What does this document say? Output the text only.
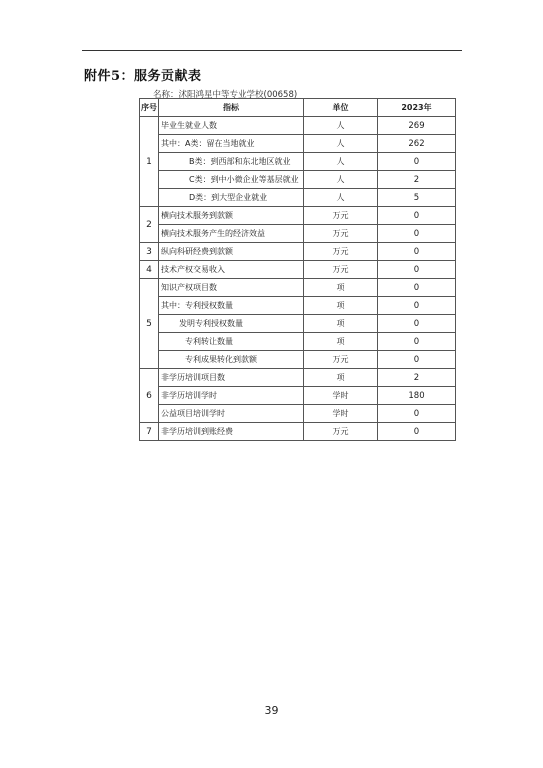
附件5：服务贡献表
名称：沭阳鸿星中等专业学校(00658)
序号	指标	单位	2023年
1	毕业生就业人数	人	269
	其中：A类：留在当地就业	人	262
	B类：到西部和东北地区就业	人	0
	C类：到中小微企业等基层就业	人	2
	D类：到大型企业就业	人	5
2	横向技术服务到款额	万元	0
	横向技术服务产生的经济效益	万元	0
3	纵向科研经费到款额	万元	0
4	技术产权交易收入	万元	0
5	知识产权项目数	项	0
	其中：专利授权数量	项	0
	发明专利授权数量	项	0
	专利转让数量	项	0
	专利成果转化到款额	万元	0
6	非学历培训项目数	项	2
	非学历培训学时	学时	180
	公益项目培训学时	学时	0
7	非学历培训到账经费	万元	0
​
39
